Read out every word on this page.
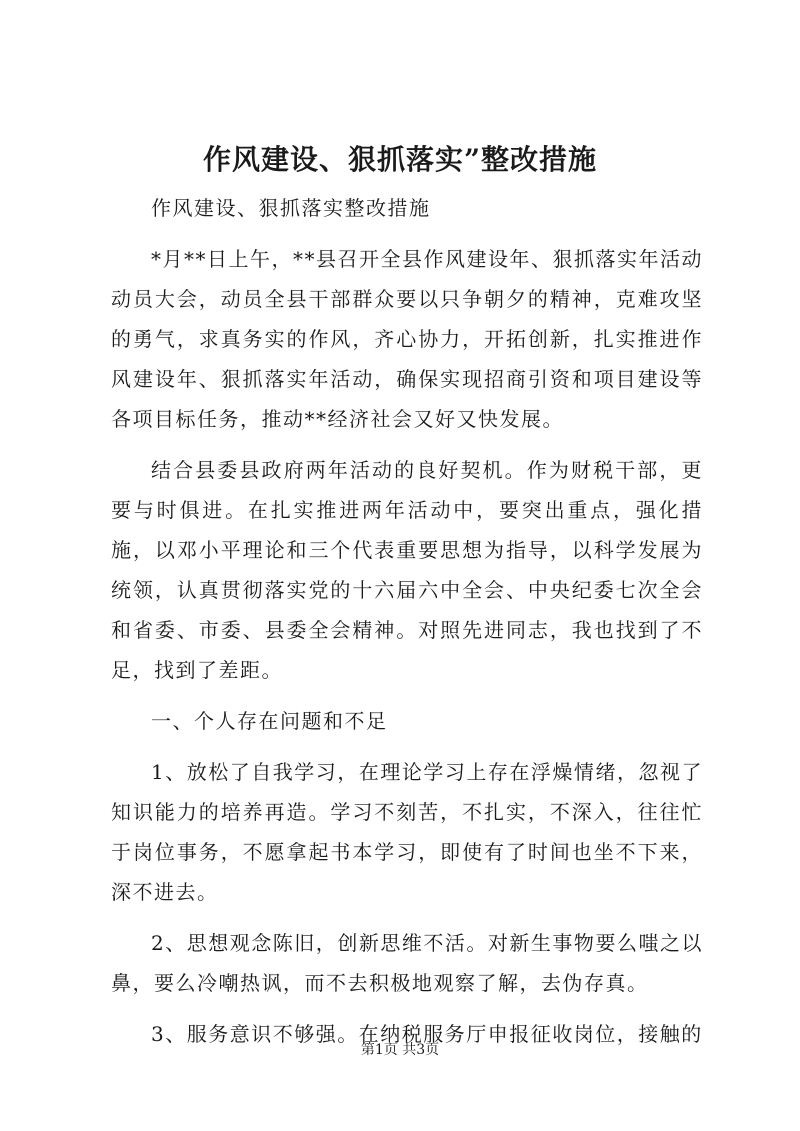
作风建设、狠抓落实”整改措施

作风建设、狠抓落实整改措施

*月**日上午，**县召开全县作风建设年、狠抓落实年活动动员大会，动员全县干部群众要以只争朝夕的精神，克难攻坚的勇气，求真务实的作风，齐心协力，开拓创新，扎实推进作风建设年、狠抓落实年活动，确保实现招商引资和项目建设等各项目标任务，推动**经济社会又好又快发展。

结合县委县政府两年活动的良好契机。作为财税干部，更要与时俱进。在扎实推进两年活动中，要突出重点，强化措施，以邓小平理论和三个代表重要思想为指导，以科学发展为统领，认真贯彻落实党的十六届六中全会、中央纪委七次全会和省委、市委、县委全会精神。对照先进同志，我也找到了不足，找到了差距。

一、个人存在问题和不足

1、放松了自我学习，在理论学习上存在浮燥情绪，忽视了知识能力的培养再造。学习不刻苦，不扎实，不深入，往往忙于岗位事务，不愿拿起书本学习，即使有了时间也坐不下来，深不进去。

2、思想观念陈旧，创新思维不活。对新生事物要么嗤之以鼻，要么冷嘲热讽，而不去积极地观察了解，去伪存真。

3、服务意识不够强。在纳税服务厅申报征收岗位，接触的

第1页 共3页
